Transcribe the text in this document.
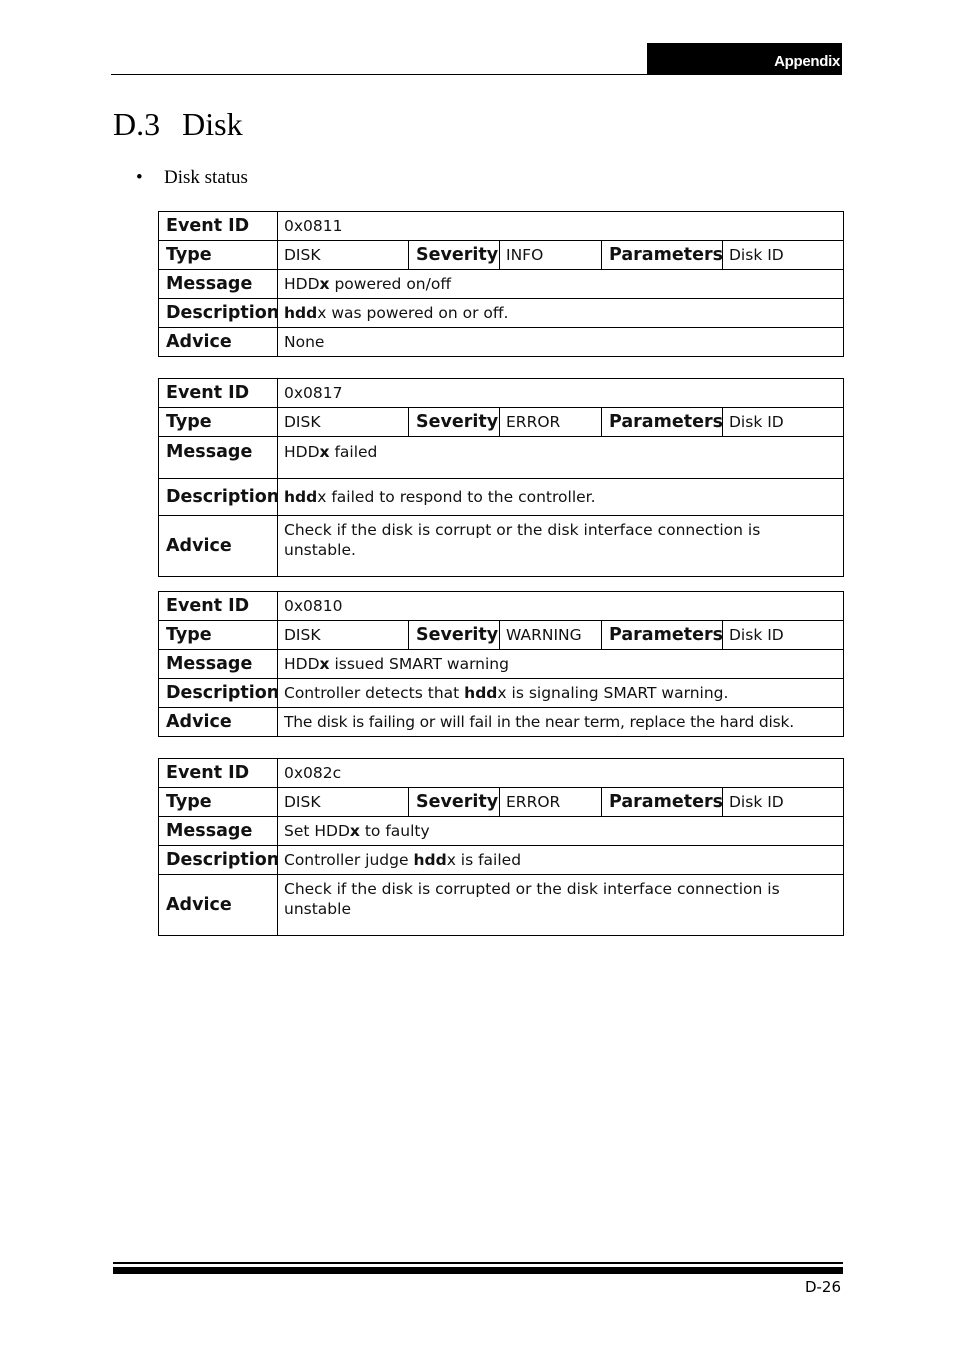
Appendix
D.3 Disk
• Disk status
Event ID	0x0811				
Type	DISK	Severity	INFO	Parameters	Disk ID
Message	HDDx powered on/off				
Description	hddx was powered on or off.				
Advice	None				
Event ID	0x0817				
Type	DISK	Severity	ERROR	Parameters	Disk ID
Message	HDDx failed				
Description	hddx failed to respond to the controller.				
Advice	Check if the disk is corrupt or the disk interface connection is unstable.				
Event ID	0x0810				
Type	DISK	Severity	WARNING	Parameters	Disk ID
Message	HDDx issued SMART warning				
Description	Controller detects that hddx is signaling SMART warning.				
Advice	The disk is failing or will fail in the near term, replace the hard disk.				
Event ID	0x082c				
Type	DISK	Severity	ERROR	Parameters	Disk ID
Message	Set HDDx to faulty				
Description	Controller judge hddx is failed				
Advice	Check if the disk is corrupted or the disk interface connection is unstable				
D-26
